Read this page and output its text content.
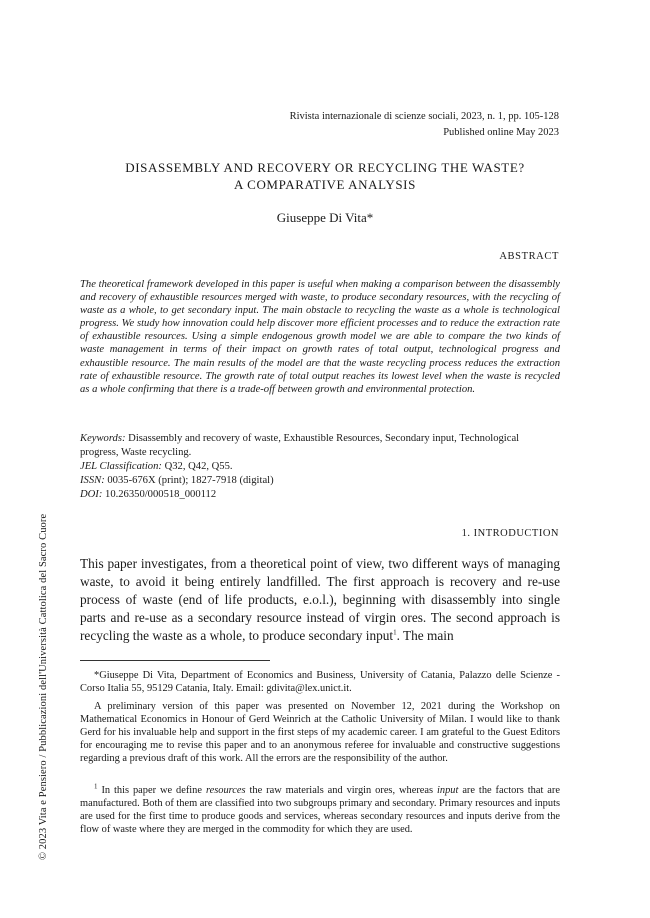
© 2023 Vita e Pensiero / Pubblicazioni dell'Università Cattolica del Sacro Cuore
Rivista internazionale di scienze sociali, 2023, n. 1, pp. 105-128
Published online May 2023
DISASSEMBLY AND RECOVERY OR RECYCLING THE WASTE?
A COMPARATIVE ANALYSIS
Giuseppe Di Vita*
ABSTRACT

The theoretical framework developed in this paper is useful when making a comparison between the disassembly and recovery of exhaustible resources merged with waste, to produce secondary resources, with the recycling of waste as a whole, to get secondary input. The main obstacle to recycling the waste as a whole is technological progress. We study how innovation could help discover more efficient processes and to reduce the extraction rate of exhaustible resources. Using a simple endogenous growth model we are able to compare the two kinds of waste management in terms of their impact on growth rates of total output, technological progress and exhaustible resource. The main results of the model are that the waste recycling process reduces the extraction rate of exhaustible resource. The growth rate of total output reaches its lowest level when the waste is recycled as a whole confirming that there is a trade-off between growth and environmental protection.

Keywords: Disassembly and recovery of waste, Exhaustible Resources, Secondary input, Technological progress, Waste recycling.
JEL Classification: Q32, Q42, Q55.
ISSN: 0035-676X (print); 1827-7918 (digital)
DOI: 10.26350/000518_000112
1. INTRODUCTION

This paper investigates, from a theoretical point of view, two different ways of managing waste, to avoid it being entirely landfilled. The first approach is recovery and re-use process of waste (end of life products, e.o.l.), beginning with disassembly into single parts and re-use as a secondary resource instead of virgin ores. The second approach is recycling the waste as a whole, to produce secondary input$^1$. The main

*Giuseppe Di Vita, Department of Economics and Business, University of Catania, Palazzo delle Scienze - Corso Italia 55, 95129 Catania, Italy. Email: gdivita@lex.unict.it.

A preliminary version of this paper was presented on November 12, 2021 during the Workshop on Mathematical Economics in Honour of Gerd Weinrich at the Catholic University of Milan. I would like to thank Gerd for his invaluable help and support in the first steps of my academic career. I am grateful to the Guest Editors for encouraging me to revise this paper and to an anonymous referee for invaluable and constructive suggestions regarding a previous draft of this work. All the errors are the responsibility of the author.

$^1$ In this paper we define resources the raw materials and virgin ores, whereas input are the factors that are manufactured. Both of them are classified into two subgroups primary and secondary. Primary resources and inputs are used for the first time to produce goods and services, whereas secondary resources and inputs derive from the flow of waste where they are merged in the commodity for which they are used.
